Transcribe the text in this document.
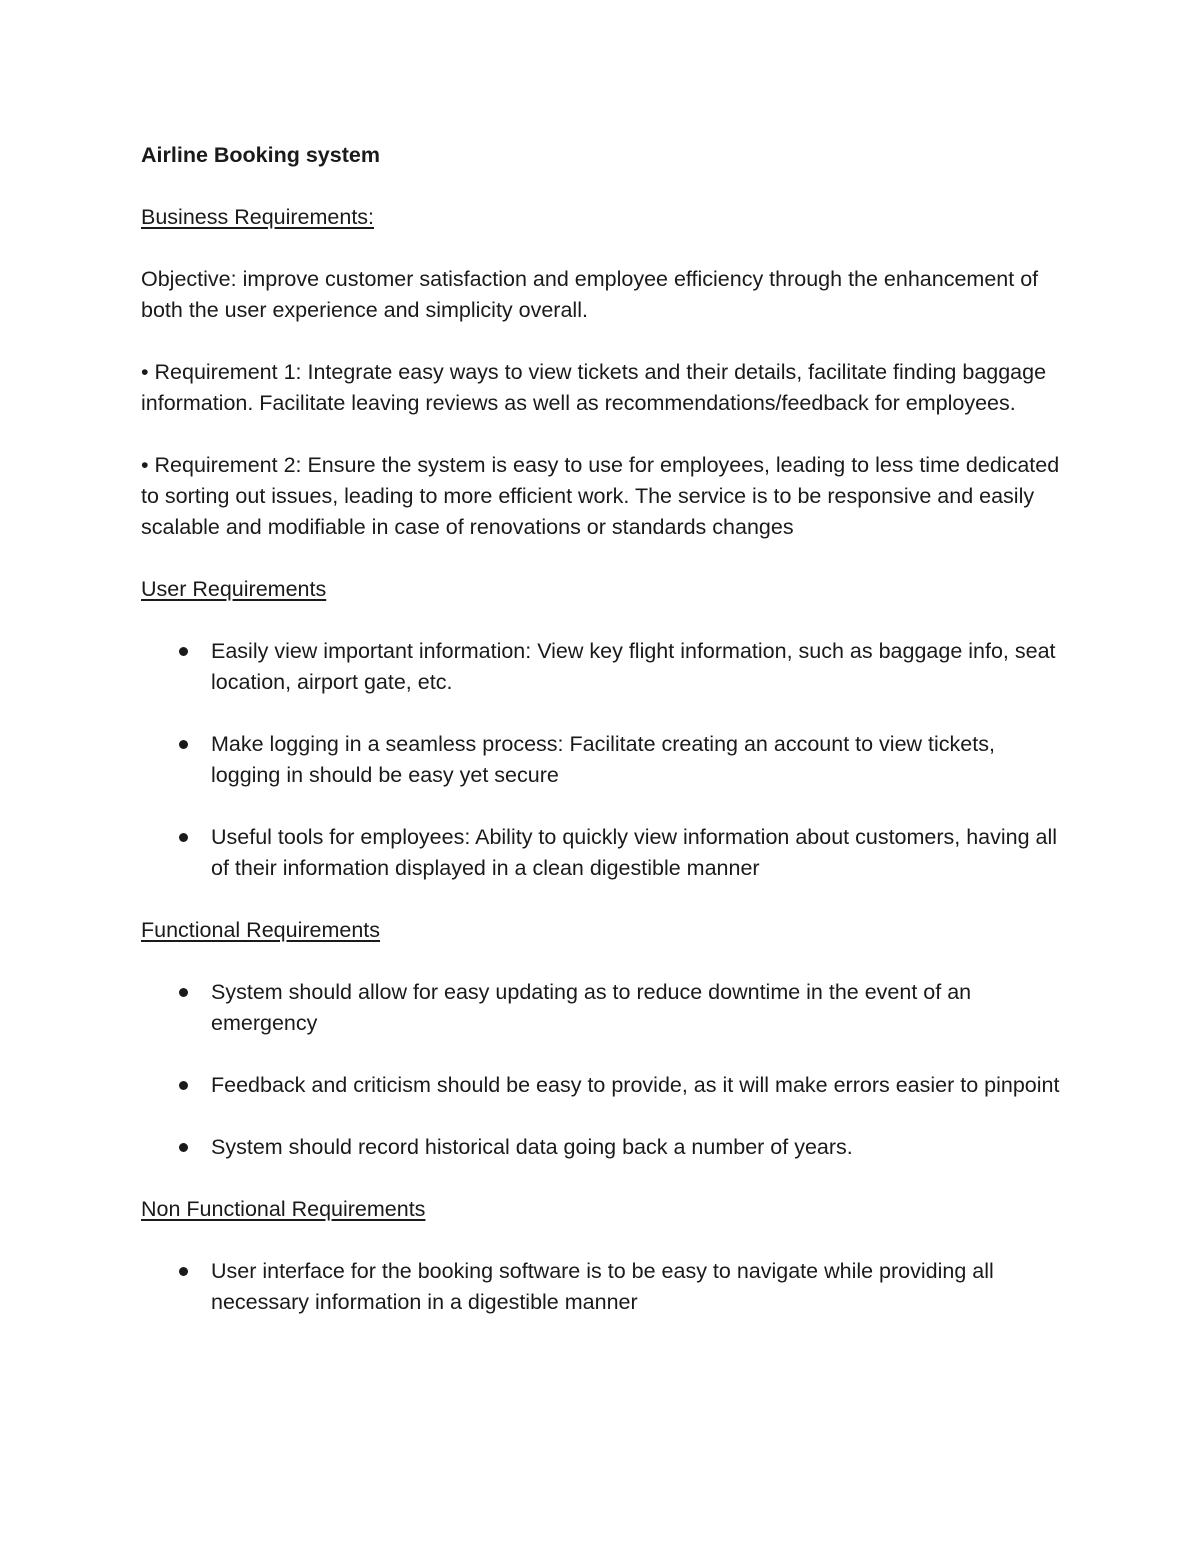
Airline Booking system

Business Requirements:

Objective: improve customer satisfaction and employee efficiency through the enhancement of both the user experience and simplicity overall.

• Requirement 1: Integrate easy ways to view tickets and their details, facilitate finding baggage information. Facilitate leaving reviews as well as recommendations/feedback for employees.

• Requirement 2: Ensure the system is easy to use for employees, leading to less time dedicated to sorting out issues, leading to more efficient work. The service is to be responsive and easily scalable and modifiable in case of renovations or standards changes

User Requirements

Easily view important information: View key flight information, such as baggage info, seat location, airport gate, etc.
Make logging in a seamless process: Facilitate creating an account to view tickets, logging in should be easy yet secure
Useful tools for employees: Ability to quickly view information about customers, having all of their information displayed in a clean digestible manner

Functional Requirements

System should allow for easy updating as to reduce downtime in the event of an emergency
Feedback and criticism should be easy to provide, as it will make errors easier to pinpoint
System should record historical data going back a number of years.

Non Functional Requirements

User interface for the booking software is to be easy to navigate while providing all necessary information in a digestible manner
